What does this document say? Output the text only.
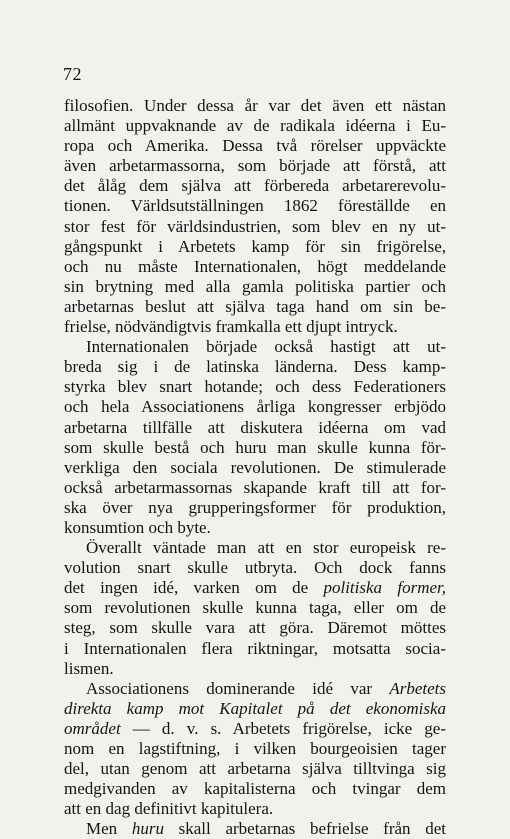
72
filosofien. Under dessa år var det även ett nästan
allmänt uppvaknande av de radikala idéerna i Eu-
ropa och Amerika. Dessa två rörelser uppväckte
även arbetarmassorna, som började att förstå, att
det ålåg dem själva att förbereda arbetarerevolu-
tionen. Världsutställningen 1862 föreställde en
stor fest för världsindustrien, som blev en ny ut-
gångspunkt i Arbetets kamp för sin frigörelse,
och nu måste Internationalen, högt meddelande
sin brytning med alla gamla politiska partier och
arbetarnas beslut att själva taga hand om sin be-
frielse, nödvändigtvis framkalla ett djupt intryck.
Internationalen började också hastigt att ut-
breda sig i de latinska länderna. Dess kamp-
styrka blev snart hotande; och dess Federationers
och hela Associationens årliga kongresser erbjödo
arbetarna tillfälle att diskutera idéerna om vad
som skulle bestå och huru man skulle kunna för-
verkliga den sociala revolutionen. De stimulerade
också arbetarmassornas skapande kraft till att for-
ska över nya grupperingsformer för produktion,
konsumtion och byte.
Överallt väntade man att en stor europeisk re-
volution snart skulle utbryta. Och dock fanns
det ingen idé, varken om de politiska former,
som revolutionen skulle kunna taga, eller om de
steg, som skulle vara att göra. Däremot möttes
i Internationalen flera riktningar, motsatta socia-
lismen.
Associationens dominerande idé var Arbetets
direkta kamp mot Kapitalet på det ekonomiska
området — d. v. s. Arbetets frigörelse, icke ge-
nom en lagstiftning, i vilken bourgeoisien tager
del, utan genom att arbetarna själva tilltvinga sig
medgivanden av kapitalisterna och tvingar dem
att en dag definitivt kapitulera.
Men huru skall arbetarnas befrielse från det
